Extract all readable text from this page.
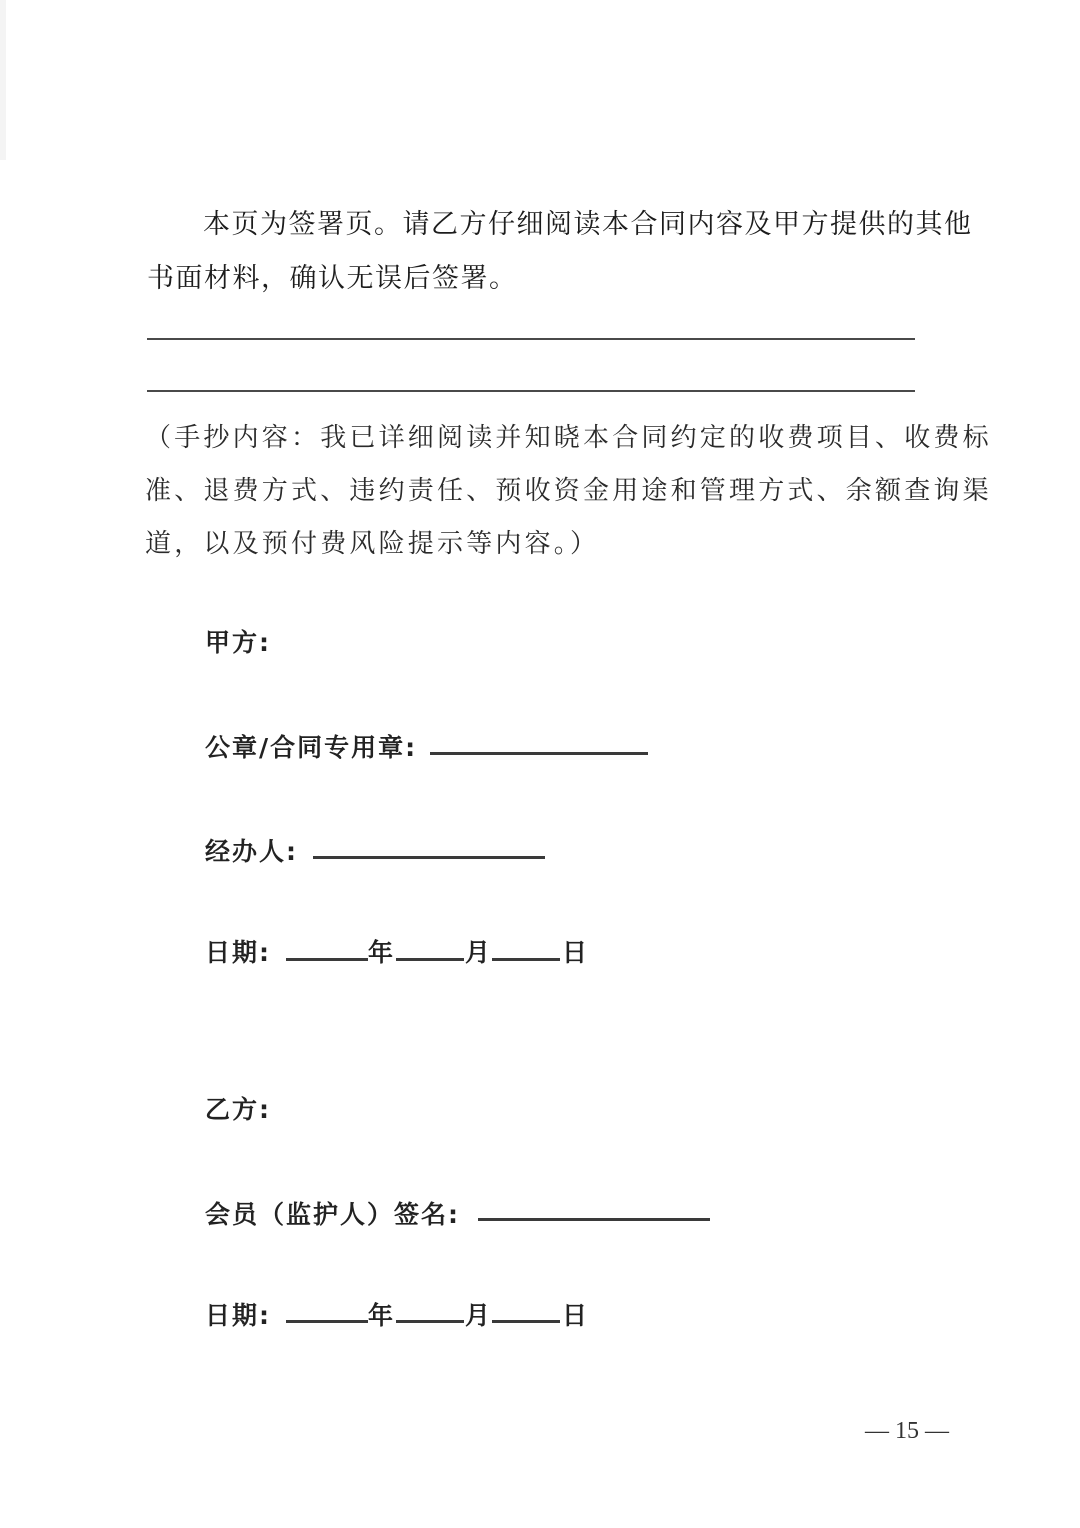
本页为签署页。请乙方仔细阅读本合同内容及甲方提供的其他
书面材料，确认无误后签署。
（手抄内容：我已详细阅读并知晓本合同约定的收费项目、收费标
准、退费方式、违约责任、预收资金用途和管理方式、余额查询渠
道，以及预付费风险提示等内容。）
甲方:
公章/合同专用章:
经办人:
日期:	年	月	日
乙方:
会员（监护人）签名:
日期:	年	月	日
— 15 —
